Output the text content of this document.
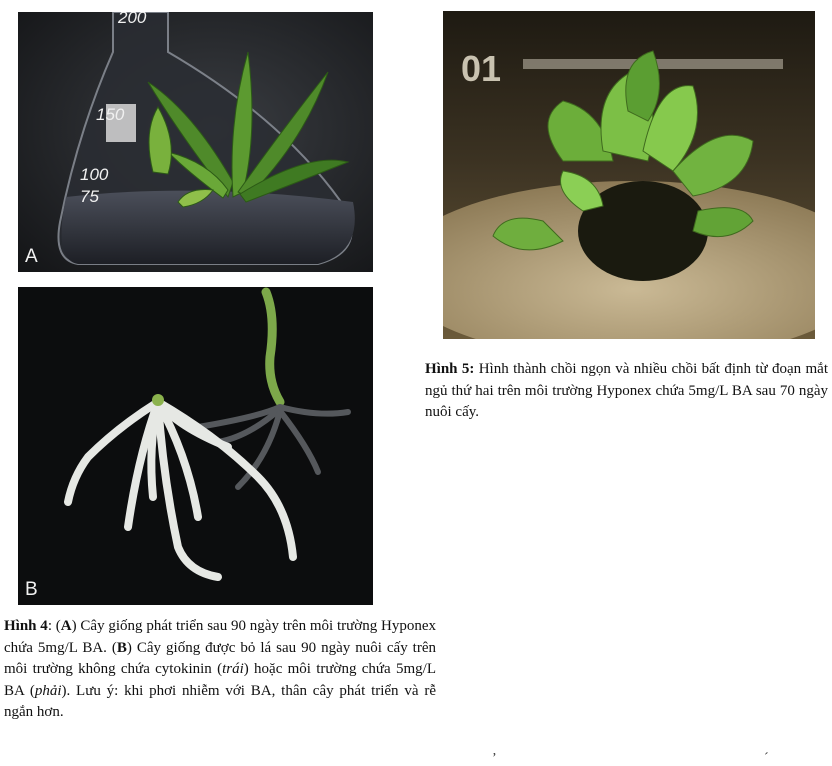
200
150
100
75
A
B
01
Hình 4: (A) Cây giống phát triển sau 90 ngày trên môi trường Hyponex chứa 5mg/L BA. (B) Cây giống được bỏ lá sau 90 ngày nuôi cấy trên môi trường không chứa cytokinin (trái) hoặc môi trường chứa 5mg/L BA (phải). Lưu ý: khi phơi nhiễm với BA, thân cây phát triển và rễ ngắn hơn.
Hình 5: Hình thành chồi ngọn và nhiều chồi bất định từ đoạn mắt ngủ thứ hai trên môi trường Hyponex chứa 5mg/L BA sau 70 ngày nuôi cấy.
’	´
